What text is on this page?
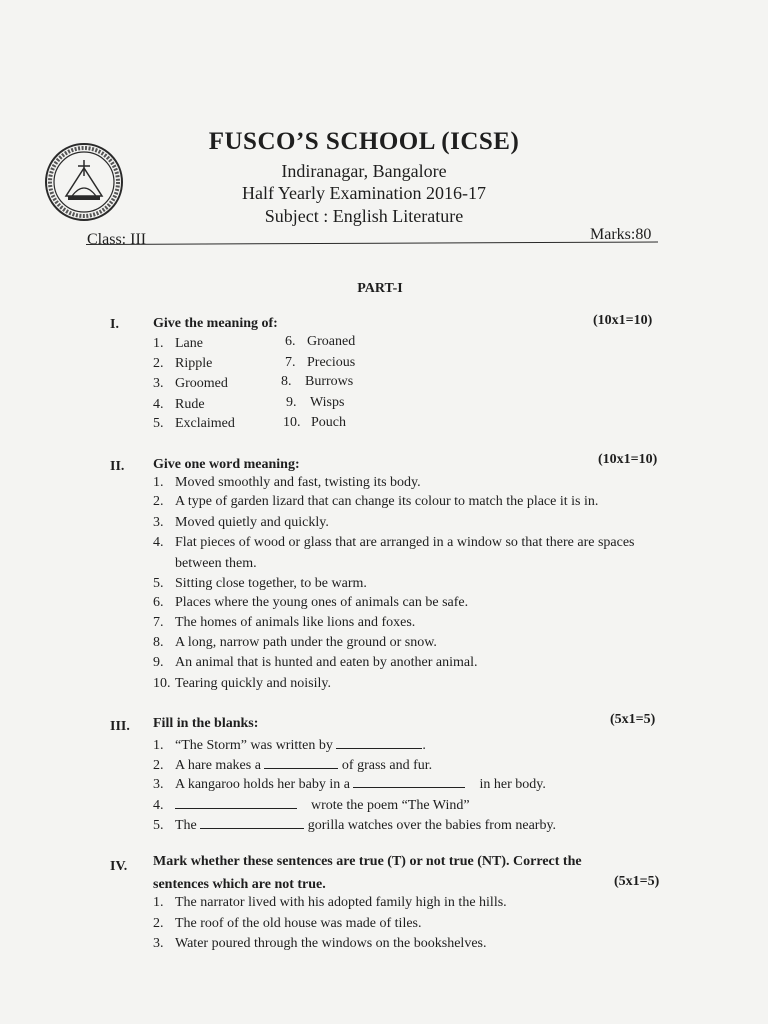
FUSCO’S SCHOOL (ICSE)
Indiranagar, Bangalore
Half Yearly Examination 2016-17
Subject : English Literature
Class: III	Marks:80
PART-I
I. Give the meaning of:	(10x1=10)
1. Lane
2. Ripple
3. Groomed
4. Rude
5. Exclaimed
6. Groaned
7. Precious
8. Burrows
9. Wisps
10. Pouch
II. Give one word meaning:	(10x1=10)
1. Moved smoothly and fast, twisting its body.
2. A type of garden lizard that can change its colour to match the place it is in.
3. Moved quietly and quickly.
4. Flat pieces of wood or glass that are arranged in a window so that there are spaces
between them.
5. Sitting close together, to be warm.
6. Places where the young ones of animals can be safe.
7. The homes of animals like lions and foxes.
8. A long, narrow path under the ground or snow.
9. An animal that is hunted and eaten by another animal.
10. Tearing quickly and noisily.
III. Fill in the blanks:	(5x1=5)
1. “The Storm” was written by	.
2. A hare makes a	of grass and fur.
3. A kangaroo holds her baby in a	in her body.
4.	wrote the poem “The Wind”
5. The	gorilla watches over the babies from nearby.
IV. Mark whether these sentences are true (T) or not true (NT). Correct the
sentences which are not true.	(5x1=5)
1. The narrator lived with his adopted family high in the hills.
2. The roof of the old house was made of tiles.
3. Water poured through the windows on the bookshelves.
